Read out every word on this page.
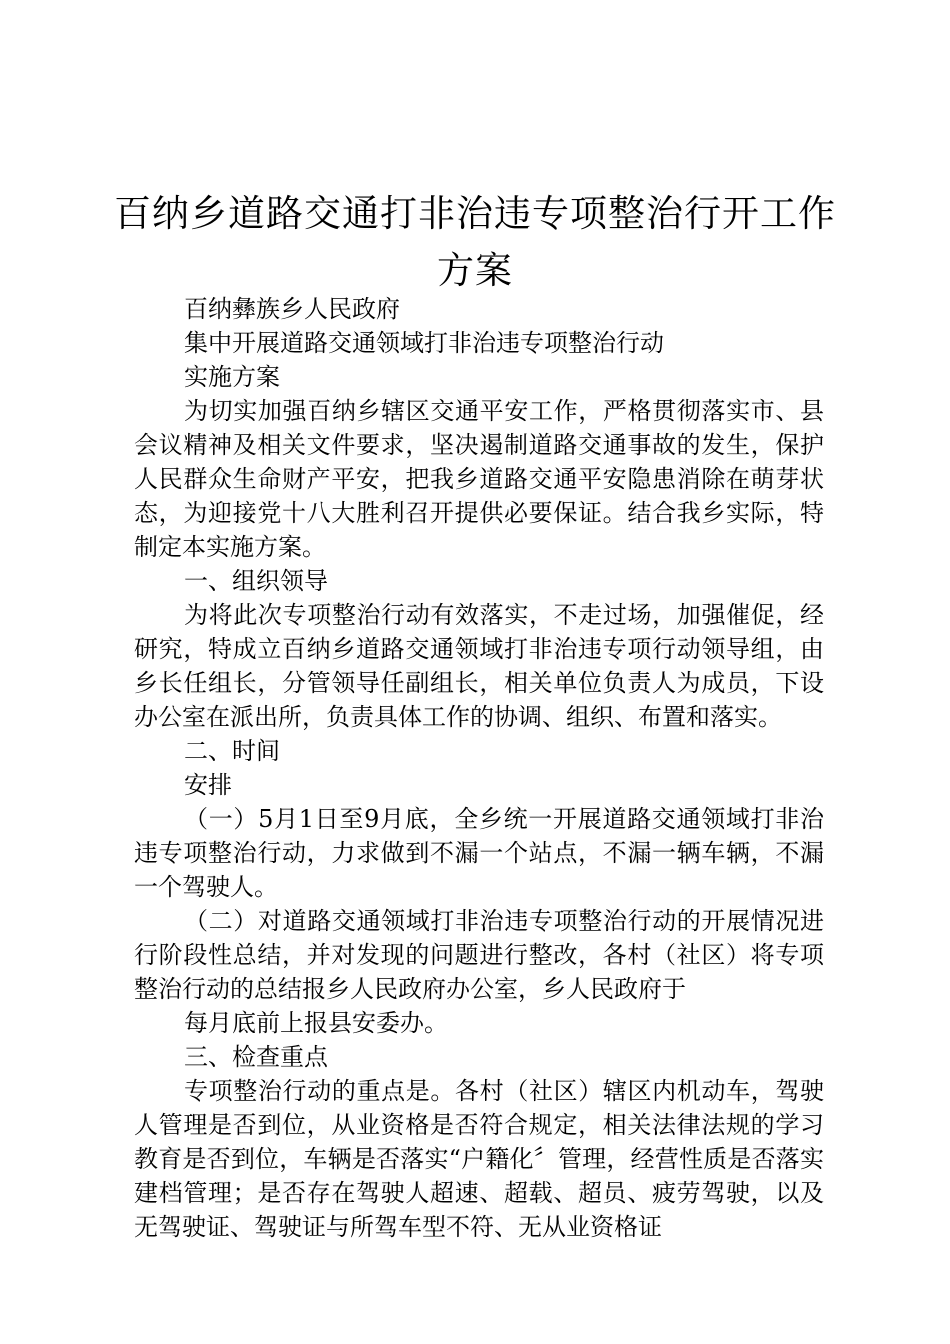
百纳乡道路交通打非治违专项整治行开工作
方案

百纳彝族乡人民政府

集中开展道路交通领域打非治违专项整治行动

实施方案

为切实加强百纳乡辖区交通平安工作，严格贯彻落实市、县会议精神及相关文件要求，坚决遏制道路交通事故的发生，保护人民群众生命财产平安，把我乡道路交通平安隐患消除在萌芽状态，为迎接党十八大胜利召开提供必要保证。结合我乡实际，特制定本实施方案。

一、组织领导

为将此次专项整治行动有效落实，不走过场，加强催促，经研究，特成立百纳乡道路交通领域打非治违专项行动领导组，由乡长任组长，分管领导任副组长，相关单位负责人为成员，下设办公室在派出所，负责具体工作的协调、组织、布置和落实。

二、时间

安排

（一）5月1日至9月底，全乡统一开展道路交通领域打非治违专项整治行动，力求做到不漏一个站点，不漏一辆车辆，不漏一个驾驶人。

（二）对道路交通领域打非治违专项整治行动的开展情况进行阶段性总结，并对发现的问题进行整改，各村（社区）将专项整治行动的总结报乡人民政府办公室，乡人民政府于

每月底前上报县安委办。

三、检查重点

专项整治行动的重点是。各村（社区）辖区内机动车，驾驶人管理是否到位，从业资格是否符合规定，相关法律法规的学习教育是否到位，车辆是否落实“户籍化〞管理，经营性质是否落实建档管理；是否存在驾驶人超速、超载、超员、疲劳驾驶，以及无驾驶证、驾驶证与所驾车型不符、无从业资格证
